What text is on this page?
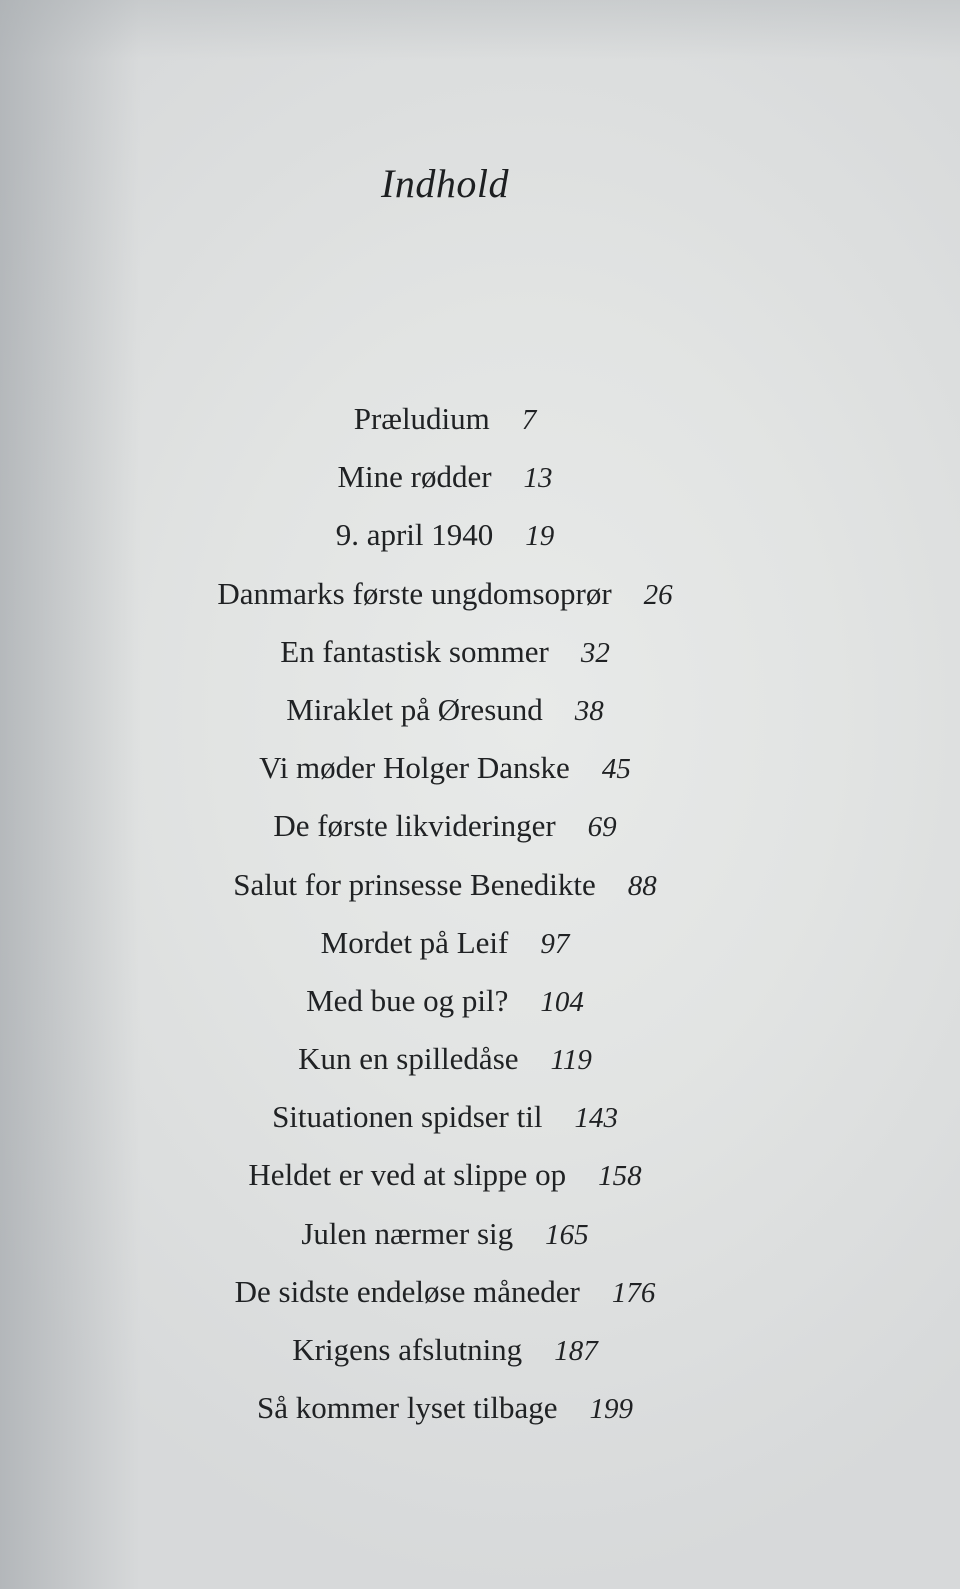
Indhold
Præludium 7
Mine rødder 13
9. april 1940 19
Danmarks første ungdomsoprør 26
En fantastisk sommer 32
Miraklet på Øresund 38
Vi møder Holger Danske 45
De første likvideringer 69
Salut for prinsesse Benedikte 88
Mordet på Leif 97
Med bue og pil? 104
Kun en spilledåse 119
Situationen spidser til 143
Heldet er ved at slippe op 158
Julen nærmer sig 165
De sidste endeløse måneder 176
Krigens afslutning 187
Så kommer lyset tilbage 199
